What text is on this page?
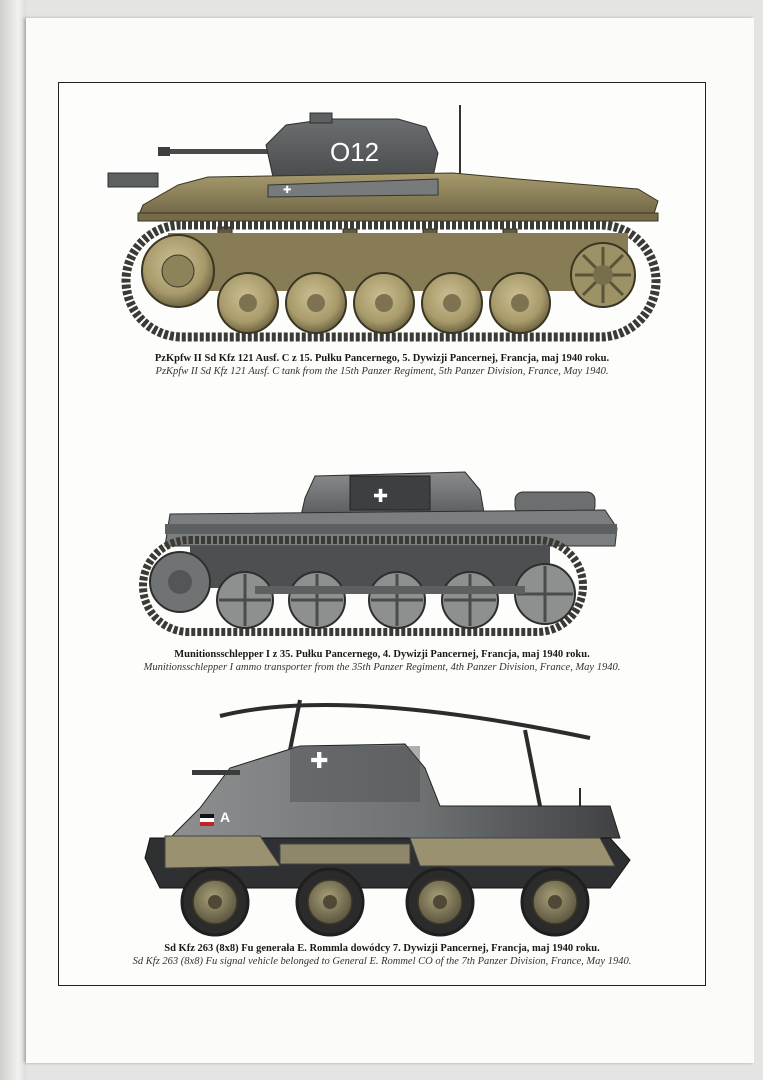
O12
✚
PzKpfw II Sd Kfz 121 Ausf. C z 15. Pułku Pancernego, 5. Dywizji Pancernej, Francja, maj 1940 roku.
PzKpfw II Sd Kfz 121 Ausf. C tank from the 15th Panzer Regiment, 5th Panzer Division, France, May 1940.
✚
Munitionsschlepper I z 35. Pułku Pancernego, 4. Dywizji Pancernej, Francja, maj 1940 roku.
Munitionsschlepper I ammo transporter from the 35th Panzer Regiment, 4th Panzer Division, France, May 1940.
✚
A
Sd Kfz 263 (8x8) Fu generała E. Rommla dowódcy 7. Dywizji Pancernej, Francja, maj 1940 roku.
Sd Kfz 263 (8x8) Fu signal vehicle belonged to General E. Rommel CO of the 7th Panzer Division, France, May 1940.
